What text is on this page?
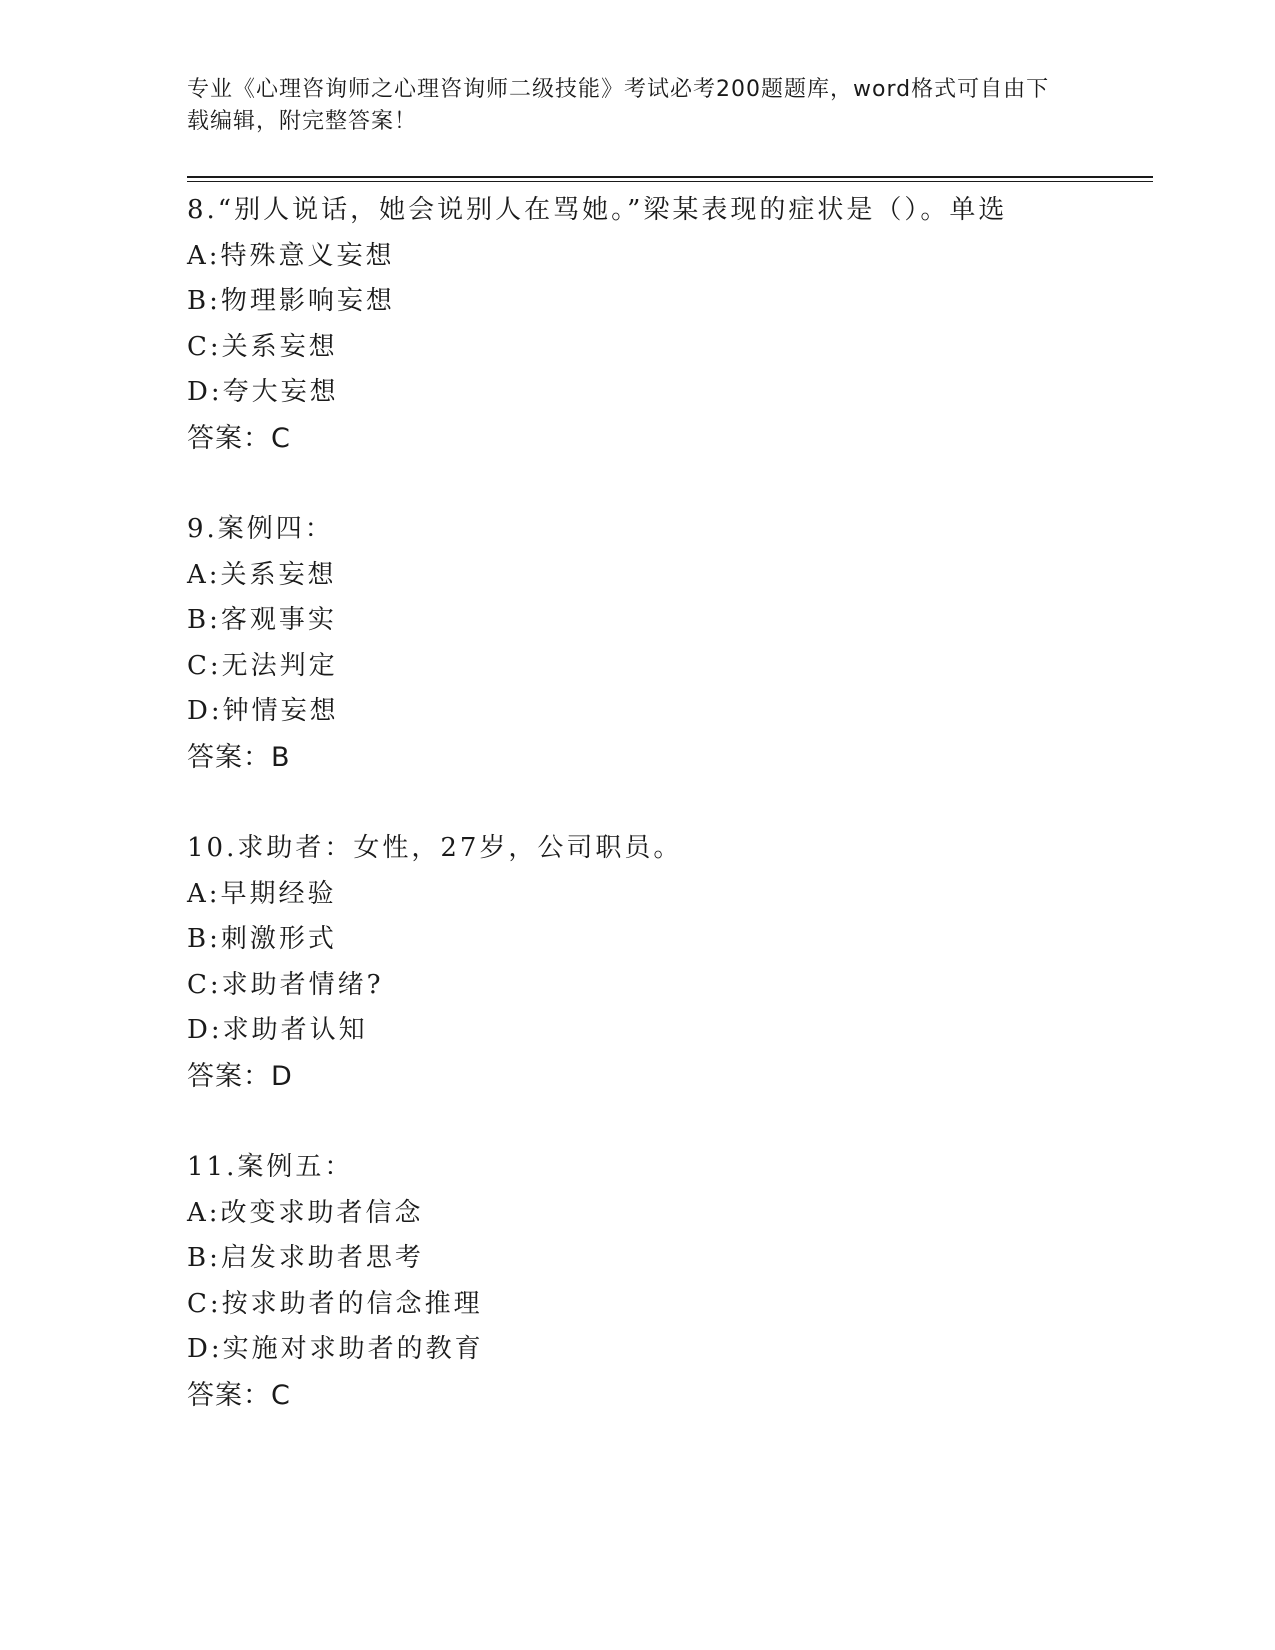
专业《心理咨询师之心理咨询师二级技能》考试必考200题题库，word格式可自由下载编辑，附完整答案！
8.“别人说话，她会说别人在骂她。”梁某表现的症状是（）。单选
A:特殊意义妄想
B:物理影响妄想
C:关系妄想
D:夸大妄想
答案：C
9.案例四：
A:关系妄想
B:客观事实
C:无法判定
D:钟情妄想
答案：B
10.求助者：女性，27岁，公司职员。
A:早期经验
B:刺激形式
C:求助者情绪?
D:求助者认知
答案：D
11.案例五：
A:改变求助者信念
B:启发求助者思考
C:按求助者的信念推理
D:实施对求助者的教育
答案：C
